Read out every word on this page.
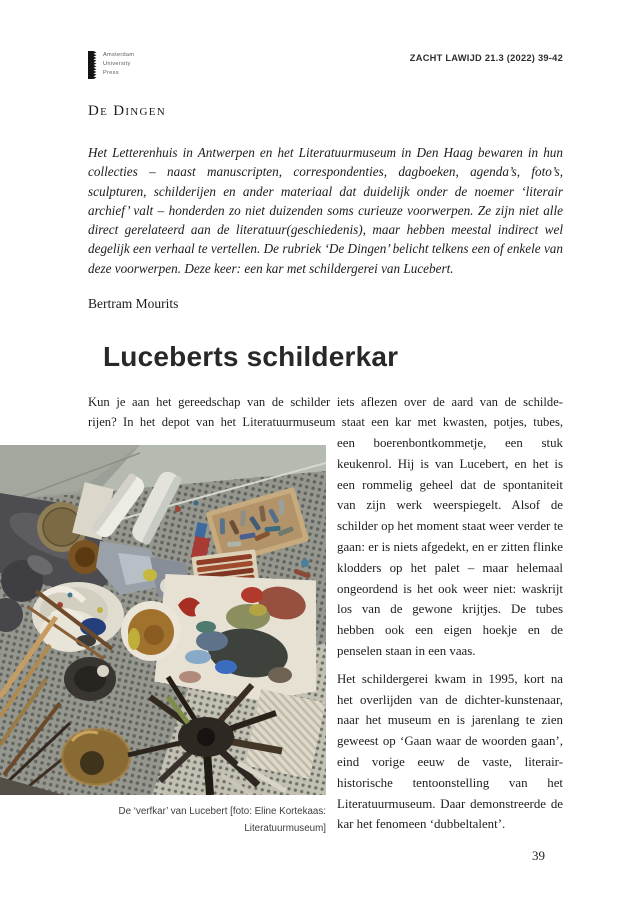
Amsterdam
University
Press
ZACHT LAWIJD 21.3 (2022) 39-42
De Dingen

Het Letterenhuis in Antwerpen en het Literatuurmuseum in Den Haag bewaren in hun collecties – naast manuscripten, correspondenties, dagboeken, agenda’s, foto’s, sculpturen, schilderijen en ander materiaal dat duidelijk onder de noemer ‘literair archief’ valt – honderden zo niet duizenden soms curieuze voorwerpen. Ze zijn niet alle direct gerelateerd aan de literatuur(geschiedenis), maar hebben meestal indirect wel degelijk een verhaal te vertellen. De rubriek ‘De Dingen’ belicht telkens een of enkele van deze voorwerpen. Deze keer: een kar met schildergerei van Lucebert.

Bertram Mourits
Luceberts schilderkar
Kun je aan het gereedschap van de schilder iets aflezen over de aard van de schilde-
rijen? In het depot van het Literatuurmuseum staat een kar met kwasten, potjes, tubes,
De ‘verfkar’ van Lucebert [foto: Eline Kortekaas: Literatuurmuseum]

een boerenbontkommetje, een stuk keukenrol. Hij is van Lucebert, en het is een rommelig geheel dat de spontaniteit van zijn werk weerspiegelt. Alsof de schilder op het moment staat weer verder te gaan: er is niets afgedekt, en er zitten flinke klodders op het palet – maar helemaal ongeordend is het ook weer niet: waskrijt los van de gewone krijtjes. De tubes hebben ook een eigen hoekje en de penselen staan in een vaas.

Het schildergerei kwam in 1995, kort na het overlijden van de dichter-kunstenaar, naar het museum en is jarenlang te zien geweest op ‘Gaan waar de woorden gaan’, eind vorige eeuw de vaste, literair-historische tentoonstelling van het Literatuurmuseum. Daar demonstreerde de kar het fenomeen ‘dubbeltalent’.

39
